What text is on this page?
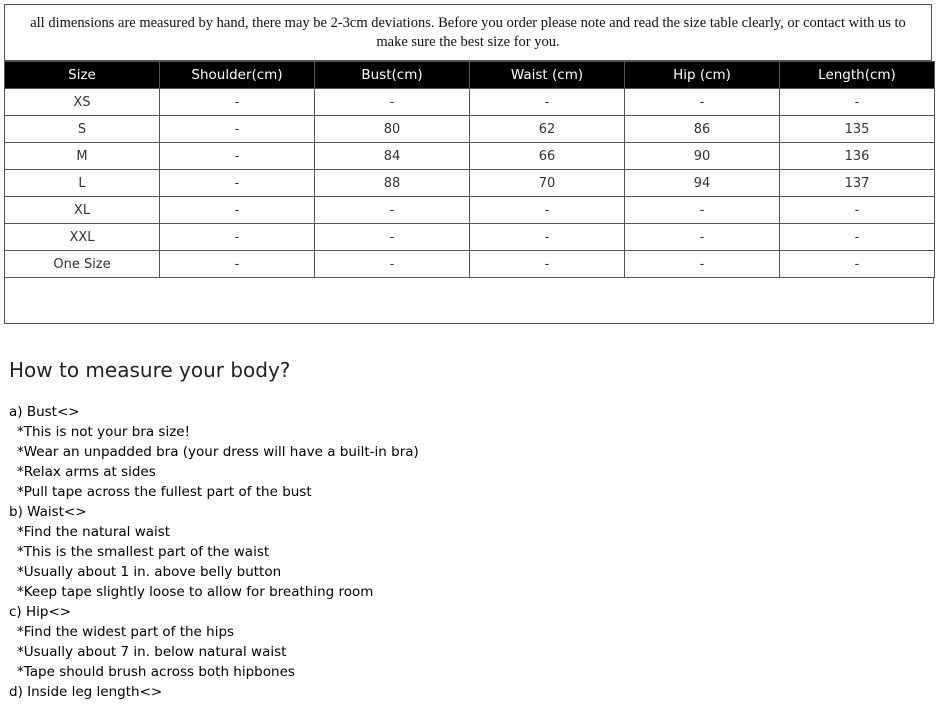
all dimensions are measured by hand, there may be 2-3cm deviations. Before you order please note and read the size table clearly, or contact with us to make sure the best size for you.
Size	Shoulder(cm)	Bust(cm)	Waist (cm)	Hip (cm)	Length(cm)
XS	-	-	-	-	-
S	-	80	62	86	135
M	-	84	66	90	136
L	-	88	70	94	137
XL	-	-	-	-	-
XXL	-	-	-	-	-
One Size	-	-	-	-	-
How to measure your body?

a) Bust<>

*This is not your bra size!
*Wear an unpadded bra (your dress will have a built-in bra)
*Relax arms at sides
*Pull tape across the fullest part of the bust

b) Waist<>

*Find the natural waist
*This is the smallest part of the waist
*Usually about 1 in. above belly button
*Keep tape slightly loose to allow for breathing room

c) Hip<>

*Find the widest part of the hips
*Usually about 7 in. below natural waist
*Tape should brush across both hipbones

d) Inside leg length<>
